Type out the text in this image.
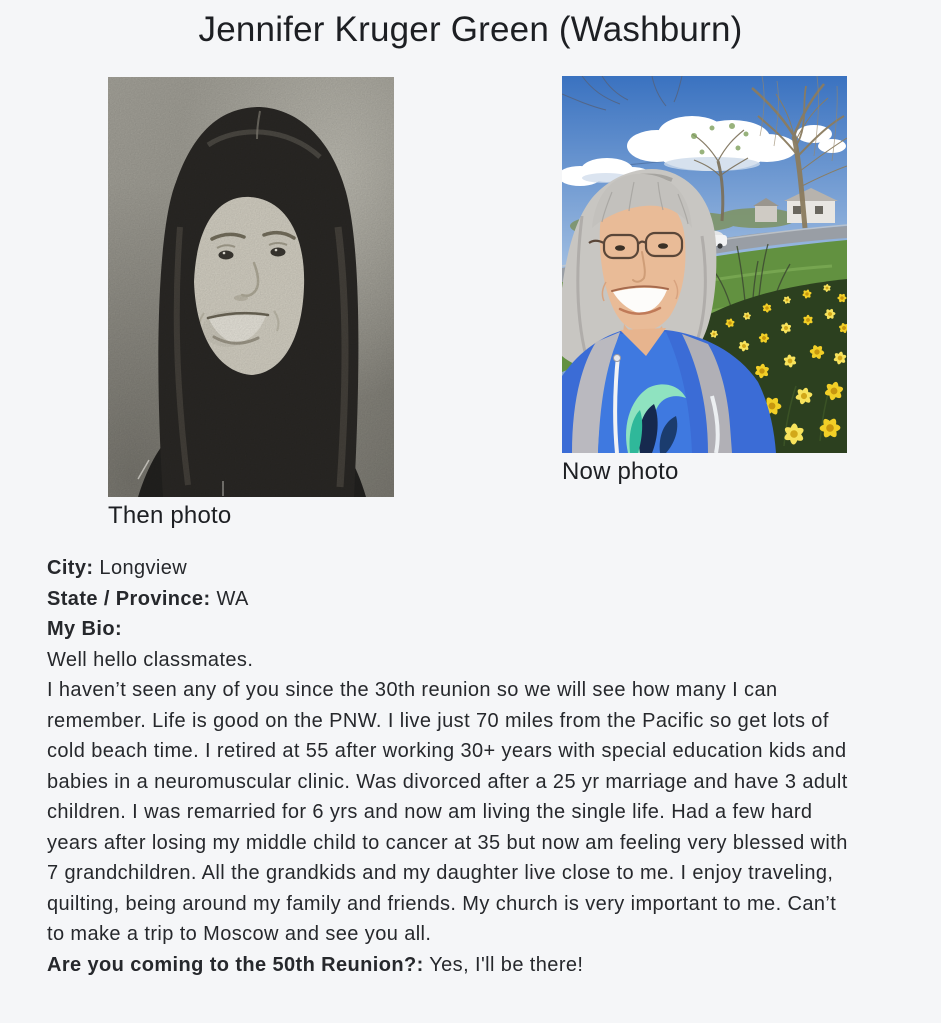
Jennifer Kruger Green (Washburn)
Then photo
Now photo
City: Longview
State / Province: WA
My Bio:
Well hello classmates.
I haven’t seen any of you since the 30th reunion so we will see how many I can remember. Life is good on the PNW. I live just 70 miles from the Pacific so get lots of cold beach time. I retired at 55 after working 30+ years with special education kids and babies in a neuromuscular clinic. Was divorced after a 25 yr marriage and have 3 adult children. I was remarried for 6 yrs and now am living the single life. Had a few hard years after losing my middle child to cancer at 35 but now am feeling very blessed with 7 grandchildren. All the grandkids and my daughter live close to me. I enjoy traveling, quilting, being around my family and friends. My church is very important to me. Can’t to make a trip to Moscow and see you all.
Are you coming to the 50th Reunion?: Yes, I'll be there!
